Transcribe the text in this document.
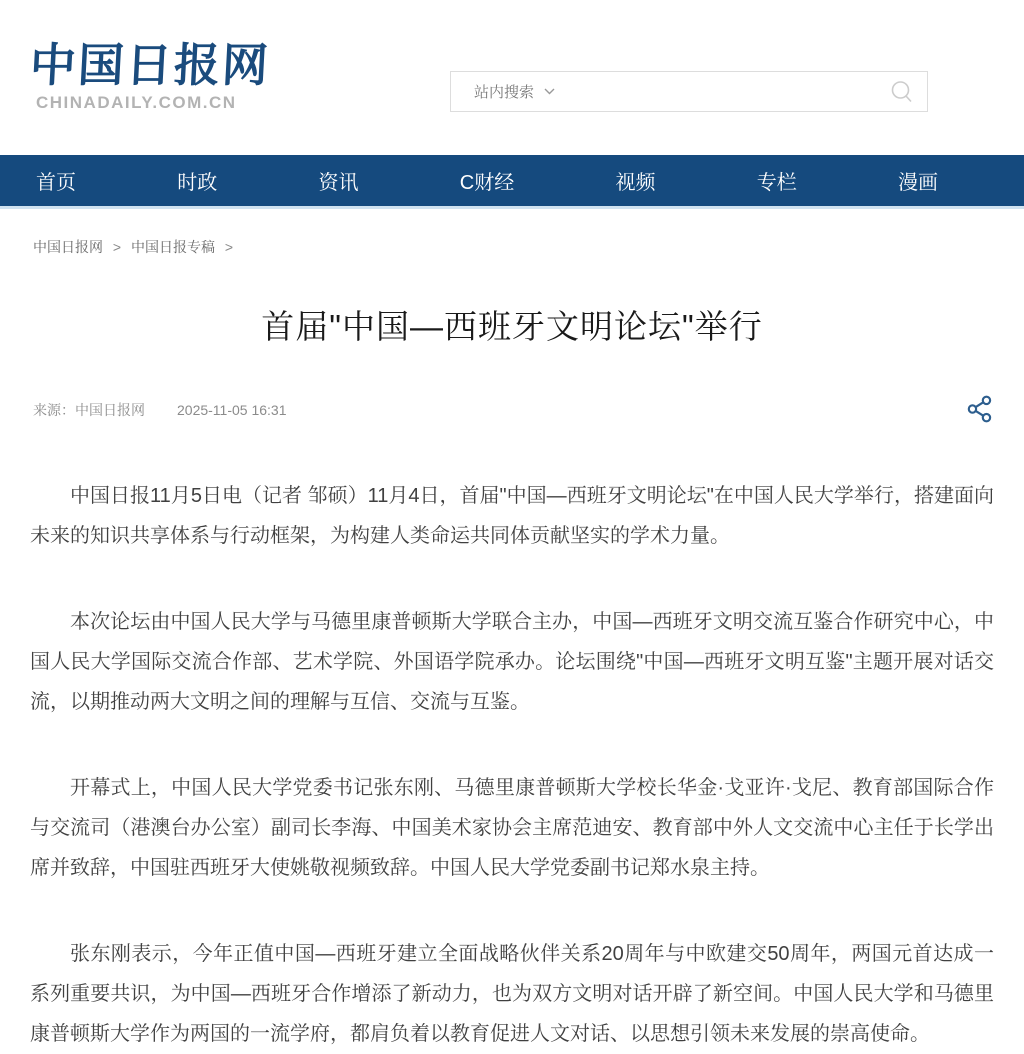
中国日报网
CHINADAILY.COM.CN
站内搜索
首页	时政	资讯	C财经	视频	专栏	漫画
中国日报网 > 中国日报专稿 >
首届"中国—西班牙文明论坛"举行
来源： 中国日报网 2025-11-05 16:31

中国日报11月5日电（记者 邹硕）11月4日，首届"中国—西班牙文明论坛"在中国人民大学举行，搭建面向未来的知识共享体系与行动框架，为构建人类命运共同体贡献坚实的学术力量。

本次论坛由中国人民大学与马德里康普顿斯大学联合主办，中国—西班牙文明交流互鉴合作研究中心，中国人民大学国际交流合作部、艺术学院、外国语学院承办。论坛围绕"中国—西班牙文明互鉴"主题开展对话交流，以期推动两大文明之间的理解与互信、交流与互鉴。

开幕式上，中国人民大学党委书记张东刚、马德里康普顿斯大学校长华金·戈亚许·戈尼、教育部国际合作与交流司（港澳台办公室）副司长李海、中国美术家协会主席范迪安、教育部中外人文交流中心主任于长学出席并致辞，中国驻西班牙大使姚敬视频致辞。中国人民大学党委副书记郑水泉主持。

张东刚表示，今年正值中国—西班牙建立全面战略伙伴关系20周年与中欧建交50周年，两国元首达成一系列重要共识，为中国—西班牙合作增添了新动力，也为双方文明对话开辟了新空间。中国人民大学和马德里康普顿斯大学作为两国的一流学府，都肩负着以教育促进人文对话、以思想引领未来发展的崇高使命。
